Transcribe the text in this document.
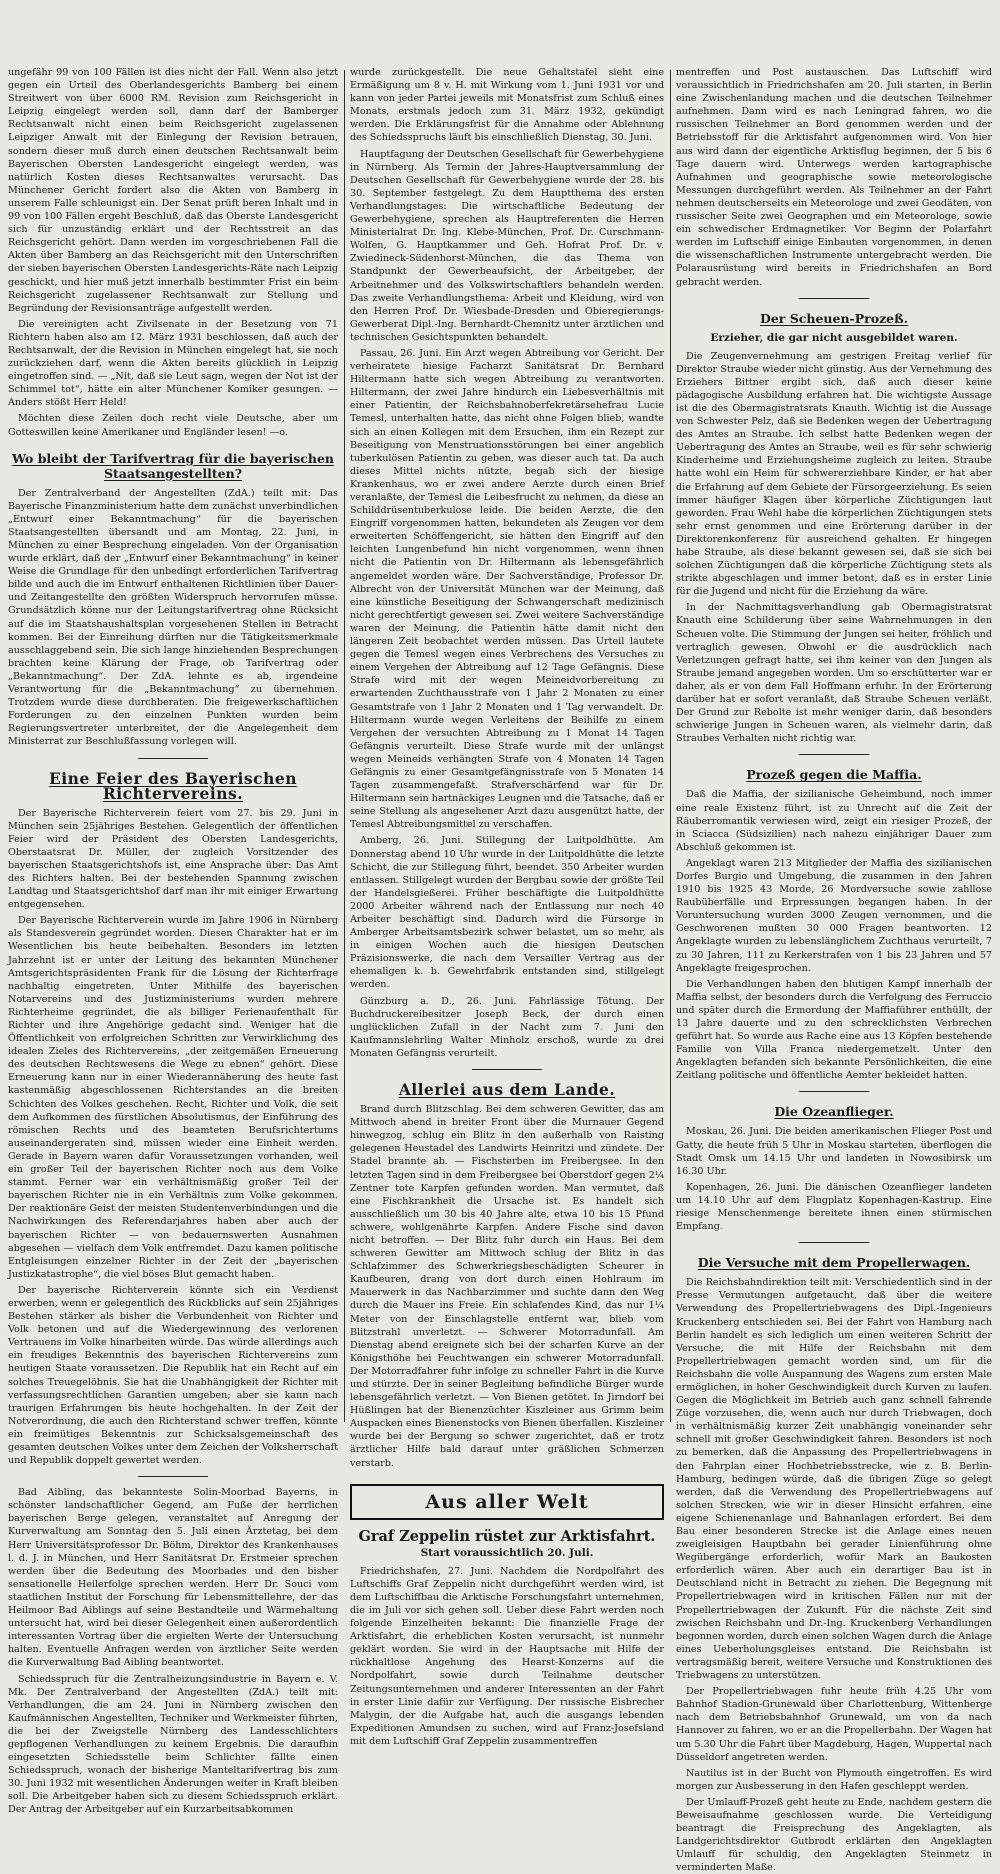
ungefähr 99 von 100 Fällen ist dies nicht der Fall. Wenn also jetzt gegen ein Urteil des Oberlandesgerichts Bamberg bei einem Streitwert von über 6000 RM. Revision zum Reichsgericht in Leipzig eingelegt werden soll, dann darf der Bamberger Rechtsanwalt nicht einen beim Reichsgericht zugelassenen Leipziger Anwalt mit der Einlegung der Revision betrauen, sondern dieser muß durch einen deutschen Rechtsanwalt beim Bayerischen Obersten Landesgericht eingelegt werden, was natürlich Kosten dieses Rechtsanwaltes verursacht. Das Münchener Gericht fordert also die Akten von Bamberg in unserem Falle schleunigst ein. Der Senat prüft beren Inhalt und in 99 von 100 Fällen ergeht Beschluß, daß das Oberste Landesgericht sich für unzuständig erklärt und der Rechtsstreit an das Reichsgericht gehört. Dann werden im vorgeschriebenen Fall die Akten über Bamberg an das Reichsgericht mit den Unterschriften der sieben bayerischen Obersten Landesgerichts-Räte nach Leipzig geschickt, und hier muß jetzt innerhalb bestimmter Frist ein beim Reichsgericht zugelassener Rechtsanwalt zur Stellung und Begründung der Revisionsanträge aufgestellt werden.

Die vereinigten acht Zivilsenate in der Besetzung von 71 Richtern haben also am 12. März 1931 beschlossen, daß auch der Rechtsanwalt, der die Revision in München eingelegt hat, sie noch zurückziehen darf, wenn die Akten bereits glücklich in Leipzig eingetroffen sind. — „Nit, daß sie Leut sagn, wegen der Not ist der Schimmel tot“, hätte ein alter Münchener Komiker gesungen. — Anders stößt Herr Held!

Möchten diese Zeilen doch recht viele Deutsche, aber um Gotteswillen keine Amerikaner und Engländer lesen! —o.

Wo bleibt der Tarifvertrag für die bayerischen Staatsangestellten?

Der Zentralverband der Angestellten (ZdA.) teilt mit: Das Bayerische Finanzministerium hatte dem zunächst unverbindlichen „Entwurf einer Bekanntmachung“ für die bayerischen Staatsangestellten übersandt und am Montag, 22. Juni, in München zu einer Besprechung eingeladen. Von der Organisation wurde erklärt, daß der „Entwurf einer Bekanntmachung“ in keiner Weise die Grundlage für den unbedingt erforderlichen Tarifvertrag bilde und auch die im Entwurf enthaltenen Richtlinien über Dauer- und Zeitangestellte den größten Widerspruch hervorrufen müsse. Grundsätzlich könne nur der Leitungstarifvertrag ohne Rücksicht auf die im Staatshaushaltsplan vorgesehenen Stellen in Betracht kommen. Bei der Einreihung dürften nur die Tätigkeitsmerkmale ausschlaggebend sein. Die sich lange hinziehenden Besprechungen brachten keine Klärung der Frage, ob Tarifvertrag oder „Bekanntmachung“. Der ZdA. lehnte es ab, irgendeine Verantwortung für die „Bekanntmachung“ zu übernehmen. Trotzdem wurde diese durchberaten. Die freigewerkschaftlichen Forderungen zu den einzelnen Punkten wurden beim Regierungsvertreter unterbreitet, der die Angelegenheit dem Ministerrat zur Beschlußfassung vorlegen will.

Eine Feier des Bayerischen Richtervereins.

Der Bayerische Richterverein feiert vom 27. bis 29. Juni in München sein 25jähriges Bestehen. Gelegentlich der öffentlichen Feier wird der Präsident des Obersten Landesgerichts, Oberstaatsrat Dr. Müller, der zugleich Vorsitzender des bayerischen Staatsgerichtshofs ist, eine Ansprache über: Das Amt des Richters halten. Bei der bestehenden Spannung zwischen Landtag und Staatsgerichtshof darf man ihr mit einiger Erwartung entgegensehen.

Der Bayerische Richterverein wurde im Jahre 1906 in Nürnberg als Standesverein gegründet worden. Diesen Charakter hat er im Wesentlichen bis heute beibehalten. Besonders im letzten Jahrzehnt ist er unter der Leitung des bekannten Münchener Amtsgerichtspräsidenten Frank für die Lösung der Richterfrage nachhaltig eingetreten. Unter Mithilfe des bayerischen Notarvereins und des Justizministeriums wurden mehrere Richterheime gegründet, die als billiger Ferienaufenthalt für Richter und ihre Angehörige gedacht sind. Weniger hat die Öffentlichkeit von erfolgreichen Schritten zur Verwirklichung des idealen Zieles des Richtervereins, „der zeitgemäßen Erneuerung des deutschen Rechtswesens die Wege zu ebnen“ gehört. Diese Erneuerung kann nur in einer Wiederannäherung des heute fast kastenmäßig abgeschlossenen Richterstandes an die breiten Schichten des Volkes geschehen. Recht, Richter und Volk, die seit dem Aufkommen des fürstlichen Absolutismus, der Einführung des römischen Rechts und des beamteten Berufsrichtertums auseinandergeraten sind, müssen wieder eine Einheit werden. Gerade in Bayern waren dafür Voraussetzungen vorhanden, weil ein großer Teil der bayerischen Richter noch aus dem Volke stammt. Ferner war ein verhältnismäßig großer Teil der bayerischen Richter nie in ein Verhältnis zum Volke gekommen. Der reaktionäre Geist der meisten Studentenverbindungen und die Nachwirkungen des Referendarjahres haben aber auch der bayerischen Richter — von bedauernswerten Ausnahmen abgesehen — vielfach dem Volk entfremdet. Dazu kamen politische Entgleisungen einzelner Richter in der Zeit der „bayerischen Justizkatastrophe“, die viel böses Blut gemacht haben.

Der bayerische Richterverein könnte sich ein Verdienst erwerben, wenn er gelegentlich des Rückblicks auf sein 25jähriges Bestehen stärker als bisher die Verbundenheit von Richter und Volk betonen und auf die Wiedergewinnung des verlorenen Vertrauens im Volke hinarbeiten würde. Das würde allerdings auch ein freudiges Bekenntnis des bayerischen Richtervereins zum heutigen Staate voraussetzen. Die Republik hat ein Recht auf ein solches Treuegelöbnis. Sie hat die Unabhängigkeit der Richter mit verfassungsrechtlichen Garantien umgeben; aber sie kann nach traurigen Erfahrungen bis heute hochgehalten. In der Zeit der Notverordnung, die auch den Richterstand schwer treffen, könnte ein freimütiges Bekenntnis zur Schicksalsgemeinschaft des gesamten deutschen Volkes unter dem Zeichen der Volksherrschaft und Republik doppelt gewertet werden.

Bad Aibling, das bekannteste Solin-Moorbad Bayerns, in schönster landschaftlicher Gegend, am Fuße der herrlichen bayerischen Berge gelegen, veranstaltet auf Anregung der Kurverwaltung am Sonntag den 5. Juli einen Ärztetag, bei dem Herr Universitätsprofessor Dr. Böhm, Direktor des Krankenhauses l. d. J. in München, und Herr Sanitätsrat Dr. Erstmeier sprechen werden über die Bedeutung des Moorbades und den bisher sensationelle Heilerfolge sprechen werden. Herr Dr. Souci vom staatlichen Institut der Forschung für Lebensmittellehre, der das Heilmoor Bad Aiblings auf seine Bestandteile und Wärmehaltung untersucht hat, wird bei dieser Gelegenheit einen außerordentlich interessanten Vortrag über die ergielten Werte der Untersuchung halten. Eventuelle Anfragen werden von ärztlicher Seite werden die Kurverwaltung Bad Aibling beantwortet.

Schiedsspruch für die Zentralheizungsindustrie in Bayern e. V. Mk. Der Zentralverband der Angestellten (ZdA.) teilt mit: Verhandlungen, die am 24. Juni in Nürnberg zwischen den Kaufmännischen Angestellten, Techniker und Werkmeister führten, die bei der Zweigstelle Nürnberg des Landesschlichters gepflogenen Verhandlungen zu keinem Ergebnis. Die daraufhin eingesetzten Schiedsstelle beim Schlichter fällte einen Schiedsspruch, wonach der bisherige Manteltarifvertrag bis zum 30. Juni 1932 mit wesentlichen Änderungen weiter in Kraft bleiben soll. Die Arbeitgeber haben sich zu diesem Schiedsspruch erklärt. Der Antrag der Arbeitgeber auf ein Kurzarbeitsabkommen

wurde zurückgestellt. Die neue Gehaltstafel sieht eine Ermäßigung um 8 v. H. mit Wirkung vom 1. Juni 1931 vor und kann von jeder Partei jeweils mit Monatsfrist zum Schluß eines Monats, erstmals jedoch zum 31. März 1932, gekündigt werden. Die Erklärungsfrist für die Annahme oder Ablehnung des Schiedsspruchs läuft bis einschließlich Dienstag, 30. Juni.

Hauptfagung der Deutschen Gesellschaft für Gewerbehygiene in Nürnberg. Als Termin der Jahres-Hauptversammlung der Deutschen Gesellschaft für Gewerbehygiene wurde der 28. bis 30. September festgelegt. Zu dem Hauptthema des ersten Verhandlungstages: Die wirtschaftliche Bedeutung der Gewerbehygiene, sprechen als Hauptreferenten die Herren Ministerialrat Dr. Ing. Klebe-München, Prof. Dr. Curschmann-Wolfen, G. Hauptkammer und Geh. Hofrat Prof. Dr. v. Zwiedineck-Südenhorst-München, die das Thema von Standpunkt der Gewerbeaufsicht, der Arbeitgeber, der Arbeitnehmer und des Volkswirtschaftlers behandeln werden. Das zweite Verhandlungsthema: Arbeit und Kleidung, wird von den Herren Prof. Dr. Wiesbade-Dresden und Obieregierungs-Gewerberat Dipl.-Ing. Bernhardt-Chemnitz unter ärztlichen und technischen Gesichtspunkten behandelt.

Passau, 26. Juni. Ein Arzt wegen Abtreibung vor Gericht. Der verheiratete hiesige Facharzt Sanitätsrat Dr. Bernhard Hiltermann hatte sich wegen Abtreibung zu verantworten. Hiltermann, der zwei Jahre hindurch ein Liebesverhältnis mit einer Patientin, der Reichsbahnoberfekretärsehefrau Lucie Temesl, unterhalten hatte, das nicht ohne Folgen blieb, wandte sich an einen Kollegen mit dem Ersuchen, ihm ein Rezept zur Beseitigung von Menstruationsstörungen bei einer angeblich tuberkulösen Patientin zu geben, was dieser auch tat. Da auch dieses Mittel nichts nützte, begab sich der hiesige Krankenhaus, wo er zwei andere Aerzte durch einen Brief veranlaßte, der Temesl die Leibesfrucht zu nehmen, da diese an Schilddrüsentuberkulose leide. Die beiden Aerzte, die den Eingriff vorgenommen hatten, bekundeten als Zeugen vor dem erweiterten Schöffengericht, sie hätten den Eingriff auf den leichten Lungenbefund hin nicht vorgenommen, wenn ihnen nicht die Patientin von Dr. Hiltermann als lebensgefährlich angemeldet worden wäre. Der Sachverständige, Professor Dr. Albrecht von der Universität München war der Meinung, daß eine künstliche Beseitigung der Schwangerschaft medizinisch nicht gerechtfertigt gewesen sei. Zwei weitere Sachverständige waren der Meinung, die Patientin hätte damit nicht den längeren Zeit beobachtet werden müssen. Das Urteil lautete gegen die Temesl wegen eines Verbrechens des Versuches zu einem Vergehen der Abtreibung auf 12 Tage Gefängnis. Diese Strafe wird mit der wegen Meineidvorbereitung zu erwartenden Zuchthausstrafe von 1 Jahr 2 Monaten zu einer Gesamtstrafe von 1 Jahr 2 Monaten und 1 Tag verwandelt. Dr. Hiltermann wurde wegen Verleitens der Beihilfe zu einem Vergehen der versuchten Abtreibung zu 1 Monat 14 Tagen Gefängnis verurteilt. Diese Strafe wurde mit der unlängst wegen Meineids verhängten Strafe von 4 Monaten 14 Tagen Gefängnis zu einer Gesamtgefängnisstrafe von 5 Monaten 14 Tagen zusammengefaßt. Strafverschärfend war für Dr. Hiltermann sein hartnäckiges Leugnen und die Tatsache, daß er seine Stellung als angesehener Arzt dazu ausgenützt hatte, der Temesl Abtreibungsmittel zu verschaffen.

Amberg, 26. Juni. Stillegung der Luitpoldhütte. Am Donnerstag abend 10 Uhr wurde in der Luitpoldhütte die letzte Schicht, die zur Stillegung führt, beendet. 350 Arbeiter wurden entlassen. Stillgelegt wurden der Bergbau sowie der größte Teil der Handelsgießerei. Früher beschäftigte die Luitpoldhütte 2000 Arbeiter während nach der Entlassung nur noch 40 Arbeiter beschäftigt sind. Dadurch wird die Fürsorge in Amberger Arbeitsamtsbezirk schwer belastet, um so mehr, als in einigen Wochen auch die hiesigen Deutschen Präzisionswerke, die nach dem Versailler Vertrag aus der ehemaligen k. b. Gewehrfabrik entstanden sind, stillgelegt werden.

Günzburg a. D., 26. Juni. Fahrlässige Tötung. Der Buchdruckereibesitzer Joseph Beck, der durch einen unglücklichen Zufall in der Nacht zum 7. Juni den Kaufmannslehrling Walter Minholz erschoß, wurde zu drei Monaten Gefängnis verurteilt.

Allerlei aus dem Lande.

Brand durch Blitzschlag. Bei dem schweren Gewitter, das am Mittwoch abend in breiter Front über die Murnauer Gegend hinwegzog, schlug ein Blitz in den außerhalb von Raisting gelegenen Heustadel des Landwirts Heinritzi und zündete. Der Stadel brannte ab. — Fischsterben im Freibergsee. In den letzten Tagen sind in dem Freibergsee bei Oberstdorf gegen 2¼ Zentner tote Karpfen gefunden worden. Man vermutet, daß eine Fischkrankheit die Ursache ist. Es handelt sich ausschließlich um 30 bis 40 Jahre alte, etwa 10 bis 15 Pfund schwere, wohlgenährte Karpfen. Andere Fische sind davon nicht betroffen. — Der Blitz fuhr durch ein Haus. Bei dem schweren Gewitter am Mittwoch schlug der Blitz in das Schlafzimmer des Schwerkriegsbeschädigten Scheurer in Kaufbeuren, drang von dort durch einen Hohlraum im Mauerwerk in das Nachbarzimmer und suchte dann den Weg durch die Mauer ins Freie. Ein schlafendes Kind, das nur 1¼ Meter von der Einschlagstelle entfernt war, blieb vom Blitzstrahl unverletzt. — Schwerer Motorradunfall. Am Dienstag abend ereignete sich bei der scharfen Kurve an der Königsthöhe bei Feuchtwangen ein schwerer Motorradunfall. Der Motorradfahrer fuhr infolge zu schneller Fahrt in die Kurve und stürzte. Der in seiner Begleitung befindliche Bürger wurde lebensgefährlich verletzt. — Von Bienen getötet. In Jirndorf bei Hüßlingen hat der Bienenzüchter Kiszleiner aus Grimm beim Auspacken eines Bienenstocks von Bienen überfallen. Kiszleiner wurde bei der Bergung so schwer zugerichtet, daß er trotz ärztlicher Hilfe bald darauf unter gräßlichen Schmerzen verstarb.

Aus aller Welt
Graf Zeppelin rüstet zur Arktisfahrt.
Start voraussichtlich 20. Juli.

Friedrichshafen, 27. Juni. Nachdem die Nordpolfahrt des Luftschiffs Graf Zeppelin nicht durchgeführt werden wird, ist dem Luftschiffbau die Arktische Forschungsfahrt unternehmen, die im Juli vor sich gehen soll. Ueber diese Fahrt werden noch folgende Einzelheiten bekannt: Die finanzielle Frage der Arktisfahrt, die erheblichen Kosten verursacht, ist nunmehr geklärt worden. Sie wird in der Hauptsache mit Hilfe der rückhaltlose Angehung des Hearst-Konzerns auf die Nordpolfahrt, sowie durch Teilnahme deutscher Zeitungsunternehmen und anderer Interessenten an der Fahrt in erster Linie dafür zur Verfügung. Der russische Eisbrecher Malygin, der die Aufgabe hat, auch die ausgangs lebenden Expeditionen Amundsen zu suchen, wird auf Franz-Josefsland mit dem Luftschiff Graf Zeppelin zusammentreffen

mentreffen und Post austauschen. Das Luftschiff wird voraussichtlich in Friedrichshafen am 20. Juli starten, in Berlin eine Zwischenlandung machen und die deutschen Teilnehmer aufnehmen. Dann wird es nach Leningrad fahren, wo die russischen Teilnehmer an Bord genommen werden und der Betriebsstoff für die Arktisfahrt aufgenommen wird. Von hier aus wird dann der eigentliche Arktisflug beginnen, der 5 bis 6 Tage dauern wird. Unterwegs werden kartographische Aufnahmen und geographische sowie meteorologische Messungen durchgeführt werden. Als Teilnehmer an der Fahrt nehmen deutscherseits ein Meteorologe und zwei Geodäten, von russischer Seite zwei Geographen und ein Meteorologe, sowie ein schwedischer Erdmagnetiker. Vor Beginn der Polarfahrt werden im Luftschiff einige Einbauten vorgenommen, in denen die wissenschaftlichen Instrumente untergebracht werden. Die Polarausrüstung wird bereits in Friedrichshafen an Bord gebracht werden.

Der Scheuen-Prozeß.
Erzieher, die gar nicht ausgebildet waren.

Die Zeugenvernehmung am gestrigen Freitag verlief für Direktor Straube wieder nicht günstig. Aus der Vernehmung des Erziehers Bittner ergibt sich, daß auch dieser keine pädagogische Ausbildung erfahren hat. Die wichtigste Aussage ist die des Obermagistratsrats Knauth. Wichtig ist die Aussage von Schwester Pelz, daß sie Bedenken wegen der Uebertragung des Amtes an Straube. Ich selbst hatte Bedenken wegen der Uebertragung des Amtes an Straube, weil es für sehr schwierig Kinderheime und Erziehungsheime zugleich zu leiten. Straube hatte wohl ein Heim für schwererziehbare Kinder, er hat aber die Erfahrung auf dem Gebiete der Fürsorgeerziehung. Es seien immer häufiger Klagen über körperliche Züchtigungen laut geworden. Frau Wehl habe die körperlichen Züchtigungen stets sehr ernst genommen und eine Erörterung darüber in der Direktorenkonferenz für ausreichend gehalten. Er hingegen habe Straube, als diese bekannt gewesen sei, daß sie sich bei solchen Züchtigungen daß die körperliche Züchtigung stets als strikte abgeschlagen und immer betont, daß es in erster Linie für die Jugend und nicht für die Erziehung da wäre.

In der Nachmittagsverhandlung gab Obermagistratsrat Knauth eine Schilderung über seine Wahrnehmungen in den Scheuen volte. Die Stimmung der Jungen sei heiter, fröhlich und vertraglich gewesen. Obwohl er die ausdrücklich nach Verletzungen gefragt hatte, sei ihm keiner von den Jungen als Straube jemand angegeben worden. Um so erschütterter war er daher, als er von dem Fall Hoffmann erfuhr. In der Erörterung darüber hat er sofort veranlaßt, daß Straube Scheuen verläßt. Der Grund zur Rebolte ist mehr weniger darin, daß besonders schwierige Jungen in Scheuen waren, als vielmehr darin, daß Straubes Verhalten nicht richtig war.

Prozeß gegen die Maffia.

Daß die Maffia, der sizilianische Geheimbund, noch immer eine reale Existenz führt, ist zu Unrecht auf die Zeit der Räuberromantik verwiesen wird, zeigt ein riesiger Prozeß, der in Sciacca (Südsizilien) nach nahezu einjähriger Dauer zum Abschluß gekommen ist.

Angeklagt waren 213 Mitglieder der Maffia des sizilianischen Dorfes Burgio und Umgebung, die zusammen in den Jahren 1910 bis 1925 43 Morde, 26 Mordversuche sowie zahllose Raubüberfälle und Erpressungen begangen haben. In der Voruntersuchung wurden 3000 Zeugen vernommen, und die Geschworenen mußten 30 000 Fragen beantworten. 12 Angeklagte wurden zu lebenslänglichem Zuchthaus verurteilt, 7 zu 30 Jahren, 111 zu Kerkerstrafen von 1 bis 23 Jahren und 57 Angeklagte freigesprochen.

Die Verhandlungen haben den blutigen Kampf innerhalb der Maffia selbst, der besonders durch die Verfolgung des Ferruccio und später durch die Ermordung der Maffiaführer enthüllt, der 13 Jahre dauerte und zu den schrecklichsten Verbrechen geführt hat. So wurde aus Rache eine aus 13 Köpfen bestehende Familie von Villa Franca niedergemetzelt. Unter den Angeklagten befanden sich bekannte Persönlichkeiten, die eine Zeitlang politische und öffentliche Aemter bekleidet hatten.

Die Ozeanflieger.

Moskau, 26. Juni. Die beiden amerikanischen Flieger Post und Gatty, die heute früh 5 Uhr in Moskau starteten, überflogen die Stadt Omsk um 14.15 Uhr und landeten in Nowosibirsk um 16.30 Uhr.

Kopenhagen, 26. Juni. Die dänischen Ozeanflieger landeten um 14.10 Uhr auf dem Flugplatz Kopenhagen-Kastrup. Eine riesige Menschenmenge bereitete ihnen einen stürmischen Empfang.

Die Versuche mit dem Propellerwagen.

Die Reichsbahndirektion teilt mit: Verschiedentlich sind in der Presse Vermutungen aufgetaucht, daß über die weitere Verwendung des Propellertriebwagens des Dipl.-Ingenieurs Kruckenberg entschieden sei. Bei der Fahrt von Hamburg nach Berlin handelt es sich lediglich um einen weiteren Schritt der Versuche, die mit Hilfe der Reichsbahn mit dem Propellertriebwagen gemacht worden sind, um für die Reichsbahn die volle Auspannung des Wagens zum ersten Male ermöglichen, in hoher Geschwindigkeit durch Kurven zu laufen. Gegen die Möglichkeit im Betrieb auch ganz schnell fahrende Züge vorzusehen, die, wenn auch nur durch Triebwagen, doch in verhältnismäßig kurzer Zeit unabhängig voneinander sehr schnell mit großer Geschwindigkeit fahren. Besonders ist noch zu bemerken, daß die Anpassung des Propellertriebwagens in den Fahrplan einer Hochbetriebsstrecke, wie z. B. Berlin-Hamburg, bedingen würde, daß die übrigen Züge so gelegt werden, daß die Verwendung des Propellertriebwagens auf solchen Strecken, wie wir in dieser Hinsicht erfahren, eine eigene Schienenanlage und Bahnanlagen erfordert. Bei dem Bau einer besonderen Strecke ist die Anlage eines neuen zweigleisigen Hauptbahn bei gerader Linienführung ohne Wegübergänge erforderlich, wofür Mark an Baukosten erforderlich wären. Aber auch ein derartiger Bau ist in Deutschland nicht in Betracht zu ziehen. Die Begegnung mit Propellertriebwagen wird in kritischen Fällen nur mit der Propellertriebwagen der Zukunft. Für die nächste Zeit sind zwischen Reichsbahn und Dr.-Ing. Kruckenberg Verhandlungen begonnen worden, durch einen solchen Wagen durch die Anlage eines Ueberholungsgleises entstand. Die Reichsbahn ist vertragsmäßig bereit, weitere Versuche und Konstruktionen des Triebwagens zu unterstützen.

Der Propellertriebwagen fuhr heute früh 4.25 Uhr vom Bahnhof Stadion-Grunewald über Charlottenburg, Wittenberge nach dem Betriebsbahnhof Grunewald, um von da nach Hannover zu fahren, wo er an die Propellerbahn. Der Wagen hat um 5.30 Uhr die Fahrt über Magdeburg, Hagen, Wuppertal nach Düsseldorf angetreten werden.

Nautilus ist in der Bucht von Plymouth eingetroffen. Es wird morgen zur Ausbesserung in den Hafen geschleppt werden.

Der Umlauff-Prozeß geht heute zu Ende, nachdem gestern die Beweisaufnahme geschlossen wurde. Die Verteidigung beantragt die Freisprechung des Angeklagten, als Landgerichtsdirektor Gutbrodt erklärten den Angeklagten Umlauff für schuldig, den Angeklagten Steinmetz in verminderten Maße.
